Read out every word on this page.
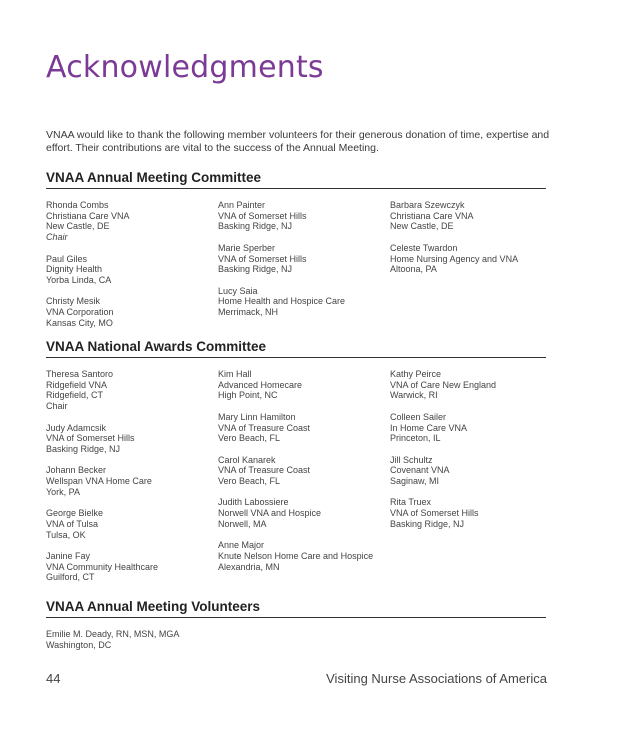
Acknowledgments
VNAA would like to thank the following member volunteers for their generous donation of time, expertise and effort. Their contributions are vital to the success of the Annual Meeting.
VNAA Annual Meeting Committee
Rhonda Combs
Christiana Care VNA
New Castle, DE
Chair
Paul Giles
Dignity Health
Yorba Linda, CA
Christy Mesik
VNA Corporation
Kansas City, MO
Ann Painter
VNA of Somerset Hills
Basking Ridge, NJ
Marie Sperber
VNA of Somerset Hills
Basking Ridge, NJ
Lucy Saia
Home Health and Hospice Care
Merrimack, NH
Barbara Szewczyk
Christiana Care VNA
New Castle, DE
Celeste Twardon
Home Nursing Agency and VNA
Altoona, PA
VNAA National Awards Committee
Theresa Santoro
Ridgefield VNA
Ridgefield, CT
Chair
Judy Adamcsik
VNA of Somerset Hills
Basking Ridge, NJ
Johann Becker
Wellspan VNA Home Care
York, PA
George Bielke
VNA of Tulsa
Tulsa, OK
Janine Fay
VNA Community Healthcare
Guilford, CT
Kim Hall
Advanced Homecare
High Point, NC
Mary Linn Hamilton
VNA of Treasure Coast
Vero Beach, FL
Carol Kanarek
VNA of Treasure Coast
Vero Beach, FL
Judith Labossiere
Norwell VNA and Hospice
Norwell, MA
Anne Major
Knute Nelson Home Care and Hospice
Alexandria, MN
Kathy Peirce
VNA of Care New England
Warwick, RI
Colleen Sailer
In Home Care VNA
Princeton, IL
Jill Schultz
Covenant VNA
Saginaw, MI
Rita Truex
VNA of Somerset Hills
Basking Ridge, NJ
VNAA Annual Meeting Volunteers
Emilie M. Deady, RN, MSN, MGA
Washington, DC
44	Visiting Nurse Associations of America
